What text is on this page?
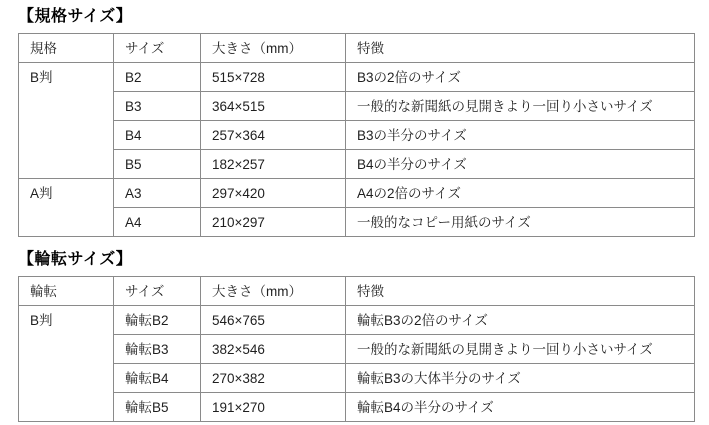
【規格サイズ】
規格	サイズ	大きさ（mm）	特徴
B判	B2	515×728	B3の2倍のサイズ
	B3	364×515	一般的な新聞紙の見開きより一回り小さいサイズ
	B4	257×364	B3の半分のサイズ
	B5	182×257	B4の半分のサイズ
A判	A3	297×420	A4の2倍のサイズ
	A4	210×297	一般的なコピー用紙のサイズ
【輪転サイズ】
輪転	サイズ	大きさ（mm）	特徴
B判	輪転B2	546×765	輪転B3の2倍のサイズ
	輪転B3	382×546	一般的な新聞紙の見開きより一回り小さいサイズ
	輪転B4	270×382	輪転B3の大体半分のサイズ
	輪転B5	191×270	輪転B4の半分のサイズ
